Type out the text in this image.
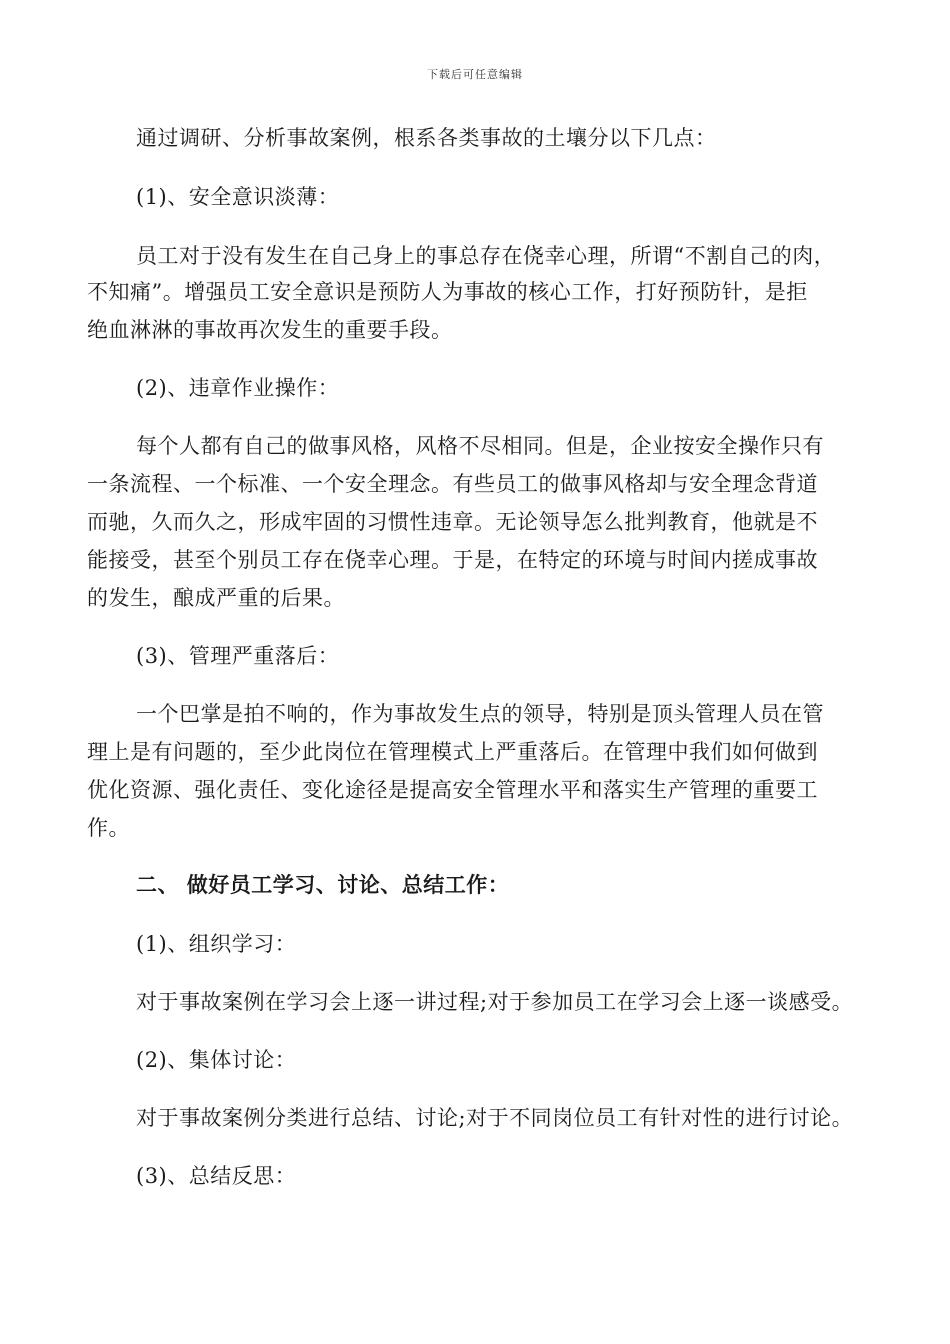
下载后可任意编辑
通过调研、分析事故案例，根系各类事故的土壤分以下几点：
(1)、安全意识淡薄：
员工对于没有发生在自己身上的事总存在侥幸心理，所谓“不割自己的肉，
不知痛”。增强员工安全意识是预防人为事故的核心工作，打好预防针，是拒
绝血淋淋的事故再次发生的重要手段。
(2)、违章作业操作：
每个人都有自己的做事风格，风格不尽相同。但是，企业按安全操作只有
一条流程、一个标准、一个安全理念。有些员工的做事风格却与安全理念背道
而驰，久而久之，形成牢固的习惯性违章。无论领导怎么批判教育，他就是不
能接受，甚至个别员工存在侥幸心理。于是，在特定的环境与时间内搓成事故
的发生，酿成严重的后果。
(3)、管理严重落后：
一个巴掌是拍不响的，作为事故发生点的领导，特别是顶头管理人员在管
理上是有问题的，至少此岗位在管理模式上严重落后。在管理中我们如何做到
优化资源、强化责任、变化途径是提高安全管理水平和落实生产管理的重要工
作。
二、 做好员工学习、讨论、总结工作：
(1)、组织学习：
对于事故案例在学习会上逐一讲过程;对于参加员工在学习会上逐一谈感受。
(2)、集体讨论：
对于事故案例分类进行总结、讨论;对于不同岗位员工有针对性的进行讨论。
(3)、总结反思：
